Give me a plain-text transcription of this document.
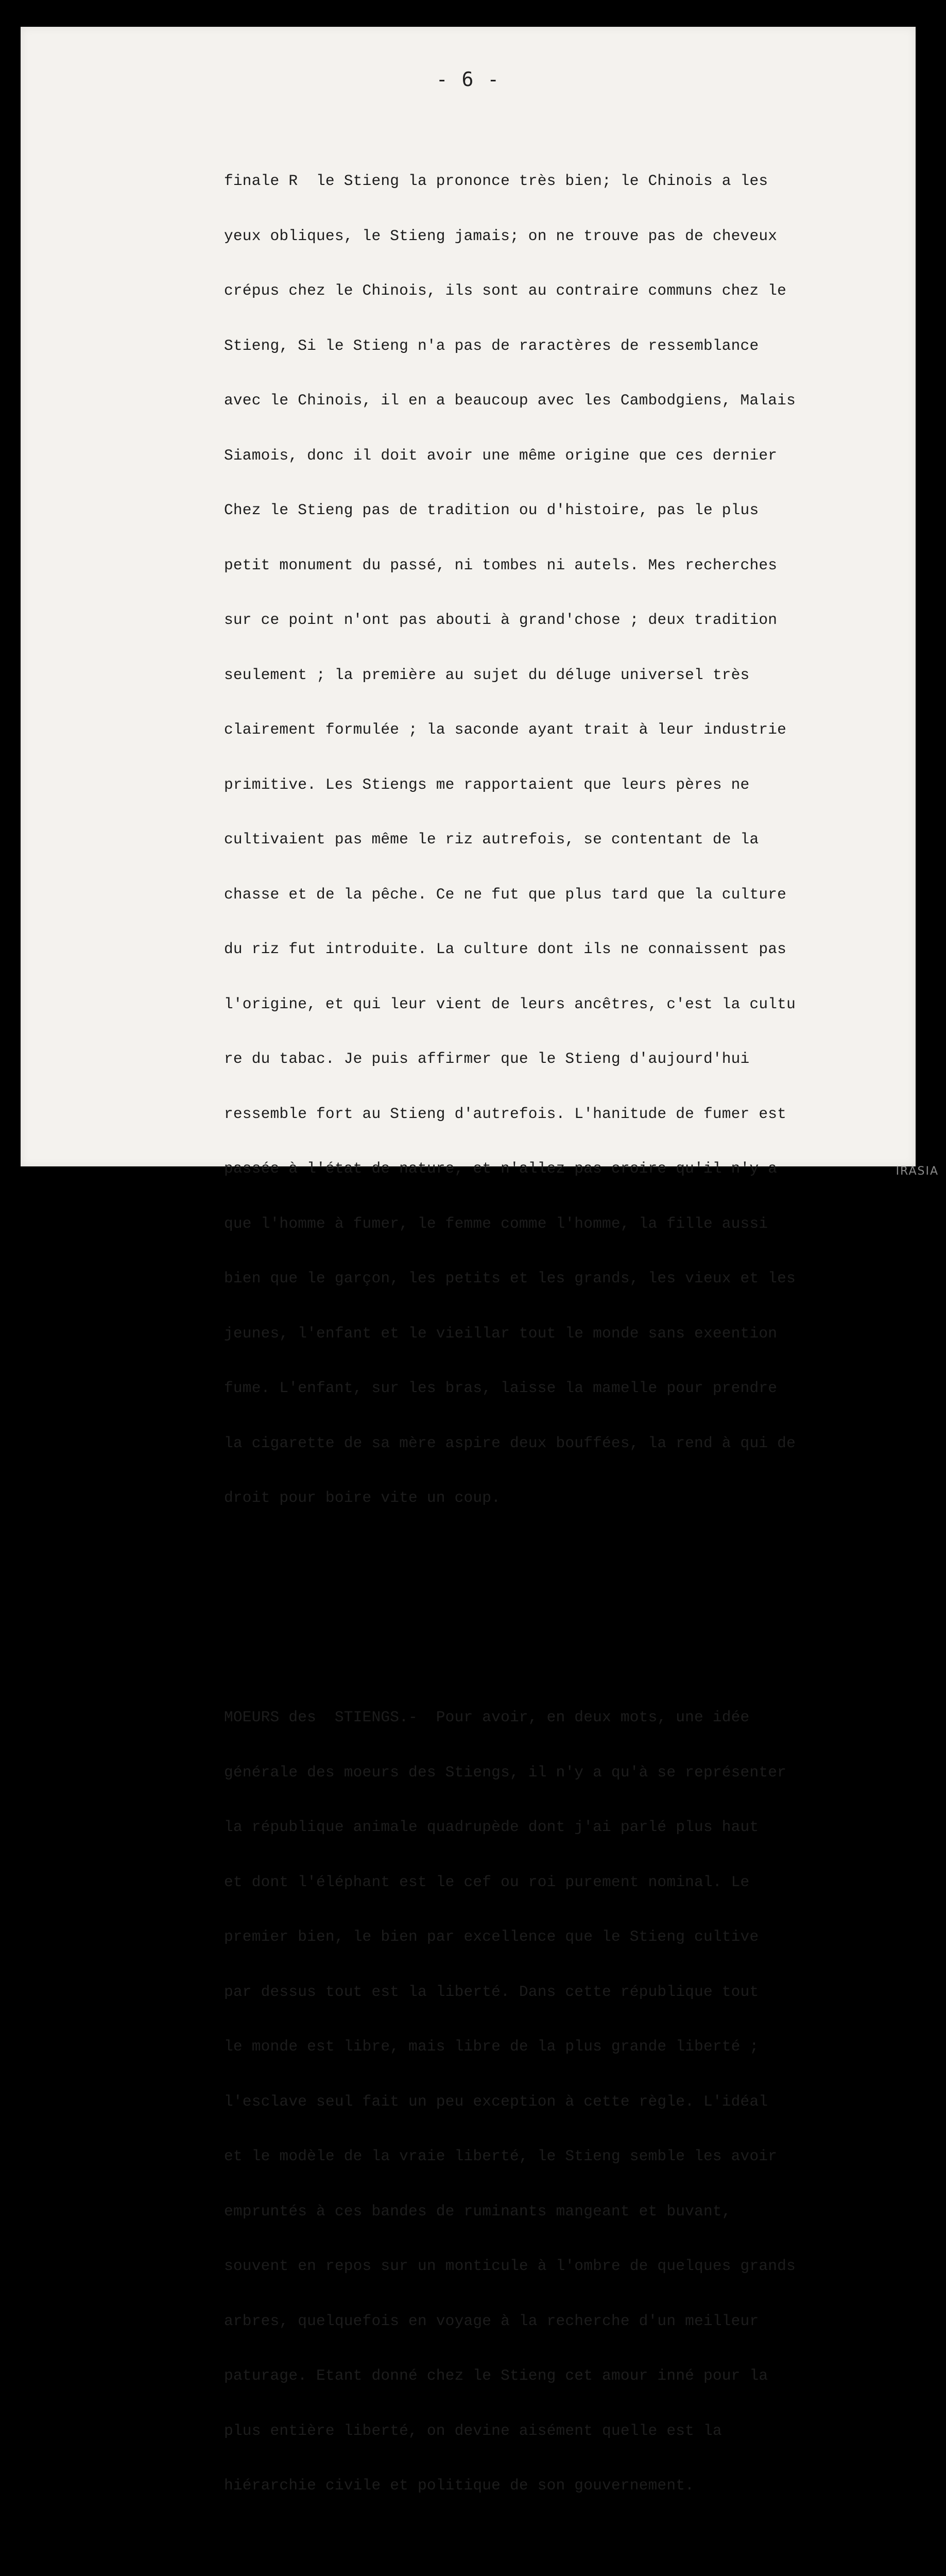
- 6 -

finale R  le Stieng la prononce très bien; le Chinois a les

yeux obliques, le Stieng jamais; on ne trouve pas de cheveux

crépus chez le Chinois, ils sont au contraire communs chez le

Stieng, Si le Stieng n'a pas de raractères de ressemblance

avec le Chinois, il en a beaucoup avec les Cambodgiens, Malais

Siamois, donc il doit avoir une même origine que ces dernier

Chez le Stieng pas de tradition ou d'histoire, pas le plus

petit monument du passé, ni tombes ni autels. Mes recherches

sur ce point n'ont pas abouti à grand'chose ; deux tradition

seulement ; la première au sujet du déluge universel très

clairement formulée ; la saconde ayant trait à leur industrie

primitive. Les Stiengs me rapportaient que leurs pères ne

cultivaient pas même le riz autrefois, se contentant de la

chasse et de la pêche. Ce ne fut que plus tard que la culture

du riz fut introduite. La culture dont ils ne connaissent pas

l'origine, et qui leur vient de leurs ancêtres, c'est la cultu

re du tabac. Je puis affirmer que le Stieng d'aujourd'hui

ressemble fort au Stieng d'autrefois. L'hanitude de fumer est

passée à l'état de nature, et n'allez pas croire qu'il n'y a

que l'homme à fumer, le femme comme l'homme, la fille aussi

bien que le garçon, les petits et les grands, les vieux et les

jeunes, l'enfant et le vieillar tout le monde sans exeention

fume. L'enfant, sur les bras, laisse la mamelle pour prendre

la cigarette de sa mère aspire deux bouffées, la rend à qui de

droit pour boire vite un coup.

MOEURS des  STIENGS.-  Pour avoir, en deux mots, une idée

générale des moeurs des Stiengs, il n'y a qu'à se représenter

la république animale quadrupède dont j'ai parlé plus haut

et dont l'éléphant est le cef ou roi purement nominal. Le

premier bien, le bien par excellence que le Stieng cultive

par dessus tout est la liberté. Dans cette république tout

le monde est libre, mais libre de la plus grande liberté ;

l'esclave seul fait un peu exception à cette règle. L'idéal

et le modèle de la vraie liberté, le Stieng semble les avoir

empruntés à ces bandes de ruminants mangeant et buvant,

souvent en repos sur un monticule à l'ombre de quelques grands

arbres, quelquefois en voyage à la recherche d'un meilleur

paturage. Etant donné chez le Stieng cet amour inné pour la

plus entière liberté, on devine aisément quelle est la

hiérarchie civile et politique de son gouvernement.

IRASIA
